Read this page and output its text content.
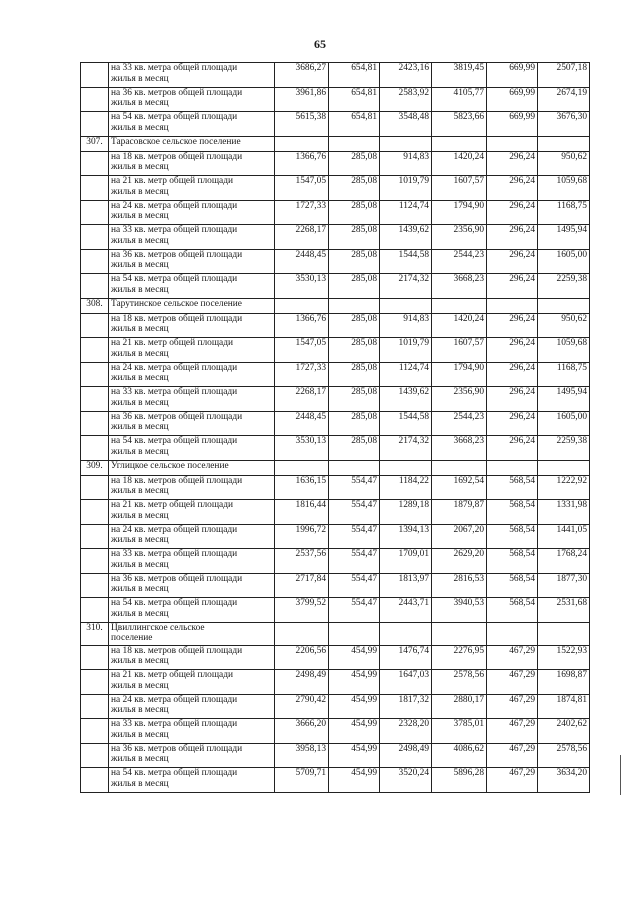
65

	на 33 кв. метра общей площади
жилья в месяц	3686,27	654,81	2423,16	3819,45	669,99	2507,18

	на 36 кв. метров общей площади
жилья в месяц	3961,86	654,81	2583,92	4105,77	669,99	2674,19

	на 54 кв. метра общей площади
жилья в месяц	5615,38	654,81	3548,48	5823,66	669,99	3676,30
307.	Тарасовское сельское поселение						

	на 18 кв. метров общей площади
жилья в месяц	1366,76	285,08	914,83	1420,24	296,24	950,62

	на 21 кв. метр общей площади
жилья в месяц	1547,05	285,08	1019,79	1607,57	296,24	1059,68

	на 24 кв. метра общей площади
жилья в месяц	1727,33	285,08	1124,74	1794,90	296,24	1168,75

	на 33 кв. метра общей площади
жилья в месяц	2268,17	285,08	1439,62	2356,90	296,24	1495,94

	на 36 кв. метров общей площади
жилья в месяц	2448,45	285,08	1544,58	2544,23	296,24	1605,00

	на 54 кв. метра общей площади
жилья в месяц	3530,13	285,08	2174,32	3668,23	296,24	2259,38
308.	Тарутинское сельское поселение						

	на 18 кв. метров общей площади
жилья в месяц	1366,76	285,08	914,83	1420,24	296,24	950,62

	на 21 кв. метр общей площади
жилья в месяц	1547,05	285,08	1019,79	1607,57	296,24	1059,68

	на 24 кв. метра общей площади
жилья в месяц	1727,33	285,08	1124,74	1794,90	296,24	1168,75

	на 33 кв. метра общей площади
жилья в месяц	2268,17	285,08	1439,62	2356,90	296,24	1495,94

	на 36 кв. метров общей площади
жилья в месяц	2448,45	285,08	1544,58	2544,23	296,24	1605,00

	на 54 кв. метра общей площади
жилья в месяц	3530,13	285,08	2174,32	3668,23	296,24	2259,38
309.	Углицкое сельское поселение						

	на 18 кв. метров общей площади
жилья в месяц	1636,15	554,47	1184,22	1692,54	568,54	1222,92

	на 21 кв. метр общей площади
жилья в месяц	1816,44	554,47	1289,18	1879,87	568,54	1331,98

	на 24 кв. метра общей площади
жилья в месяц	1996,72	554,47	1394,13	2067,20	568,54	1441,05

	на 33 кв. метра общей площади
жилья в месяц	2537,56	554,47	1709,01	2629,20	568,54	1768,24

	на 36 кв. метров общей площади
жилья в месяц	2717,84	554,47	1813,97	2816,53	568,54	1877,30

	на 54 кв. метра общей площади
жилья в месяц	3799,52	554,47	2443,71	3940,53	568,54	2531,68
310.	Цвиллингское сельское
поселение						

	на 18 кв. метров общей площади
жилья в месяц	2206,56	454,99	1476,74	2276,95	467,29	1522,93

	на 21 кв. метр общей площади
жилья в месяц	2498,49	454,99	1647,03	2578,56	467,29	1698,87

	на 24 кв. метра общей площади
жилья в месяц	2790,42	454,99	1817,32	2880,17	467,29	1874,81

	на 33 кв. метра общей площади
жилья в месяц	3666,20	454,99	2328,20	3785,01	467,29	2402,62

	на 36 кв. метров общей площади
жилья в месяц	3958,13	454,99	2498,49	4086,62	467,29	2578,56

	на 54 кв. метра общей площади
жилья в месяц	5709,71	454,99	3520,24	5896,28	467,29	3634,20
